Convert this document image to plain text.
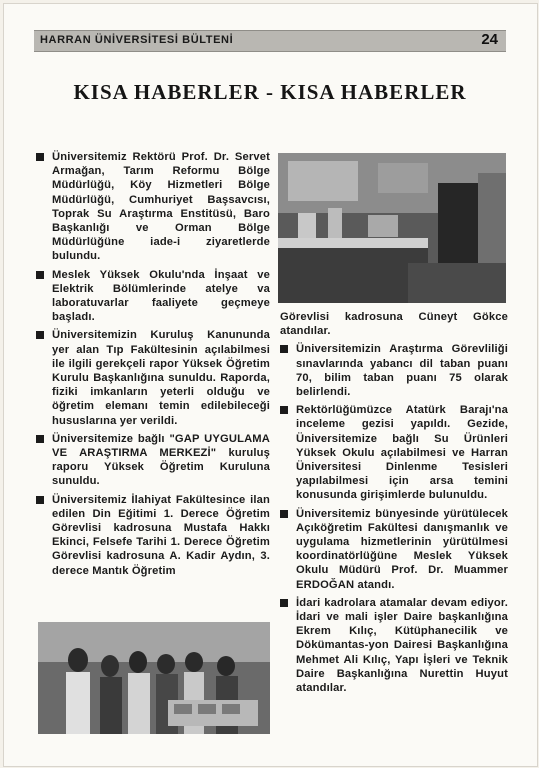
HARRAN ÜNİVERSİTESİ BÜLTENİ	24
KISA HABERLER - KISA HABERLER
Üniversitemiz Rektörü Prof. Dr. Servet Armağan, Tarım Reformu Bölge Müdürlüğü, Köy Hizmetleri Bölge Müdürlüğü, Cumhuriyet Başsavcısı, Toprak Su Araştırma Enstitüsü, Baro Başkanlığı ve Orman Bölge Müdürlüğüne iade-i ziyaretlerde bulundu.
Meslek Yüksek Okulu'nda İnşaat ve Elektrik Bölümlerinde atelye va laboratuvarlar faaliyete geçmeye başladı.
Üniversitemizin Kuruluş Kanununda yer alan Tıp Fakültesinin açılabilmesi ile ilgili gerekçeli rapor Yüksek Öğretim Kurulu Başkanlığına sunuldu. Raporda, fiziki imkanların yeterli olduğu ve öğretim elemanı temin edilebileceği hususlarına yer verildi.
Üniversitemize bağlı "GAP UYGULAMA VE ARAŞTIRMA MERKEZİ" kuruluş raporu Yüksek Öğretim Kuruluna sunuldu.
Üniversitemiz İlahiyat Fakültesince ilan edilen Din Eğitimi 1. Derece Öğretim Görevlisi kadrosuna Mustafa Hakkı Ekinci, Felsefe Tarihi 1. Derece Öğretim Görevlisi kadrosuna A. Kadir Aydın, 3. derece Mantık Öğretim
Görevlisi kadrosuna Cüneyt Gökce atandılar.
Üniversitemizin Araştırma Görevliliği sınavlarında yabancı dil taban puanı 70, bilim taban puanı 75 olarak belirlendi.
Rektörlüğümüzce Atatürk Barajı'na inceleme gezisi yapıldı. Gezide, Üniversitemize bağlı Su Ürünleri Yüksek Okulu açılabilmesi ve Harran Üniversitesi Dinlenme Tesisleri yapılabilmesi için arsa temini konusunda girişimlerde bulunuldu.
Üniversitemiz bünyesinde yürütülecek Açıköğretim Fakültesi danışmanlık ve uygulama hizmetlerinin yürütülmesi koordinatörlüğüne Meslek Yüksek Okulu Müdürü Prof. Dr. Muammer ERDOĞAN atandı.
İdari kadrolara atamalar devam ediyor. İdari ve mali işler Daire başkanlığına Ekrem Kılıç, Kütüphanecilik ve Dökümantas-yon Dairesi Başkanlığına Mehmet Ali Kılıç, Yapı İşleri ve Teknik Daire Başkanlığına Nurettin Huyut atandılar.
